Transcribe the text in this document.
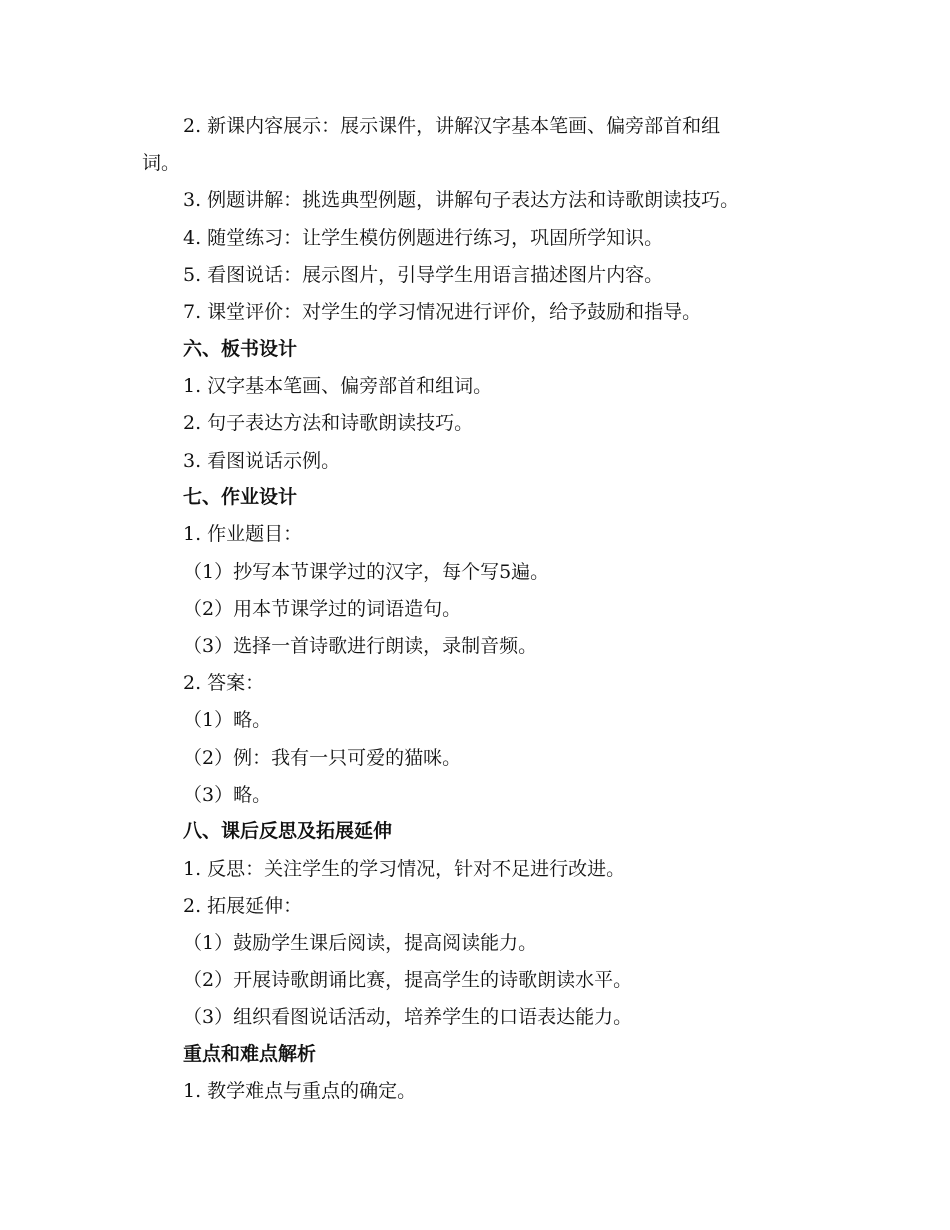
2. 新课内容展示：展示课件，讲解汉字基本笔画、偏旁部首和组
词。
3. 例题讲解：挑选典型例题，讲解句子表达方法和诗歌朗读技巧。
4. 随堂练习：让学生模仿例题进行练习，巩固所学知识。
5. 看图说话：展示图片，引导学生用语言描述图片内容。
7. 课堂评价：对学生的学习情况进行评价，给予鼓励和指导。
六、板书设计
1. 汉字基本笔画、偏旁部首和组词。
2. 句子表达方法和诗歌朗读技巧。
3. 看图说话示例。
七、作业设计
1. 作业题目：
（1）抄写本节课学过的汉字，每个写5遍。
（2）用本节课学过的词语造句。
（3）选择一首诗歌进行朗读，录制音频。
2. 答案：
（1）略。
（2）例：我有一只可爱的猫咪。
（3）略。
八、课后反思及拓展延伸
1. 反思：关注学生的学习情况，针对不足进行改进。
2. 拓展延伸：
（1）鼓励学生课后阅读，提高阅读能力。
（2）开展诗歌朗诵比赛，提高学生的诗歌朗读水平。
（3）组织看图说话活动，培养学生的口语表达能力。
重点和难点解析
1. 教学难点与重点的确定。
